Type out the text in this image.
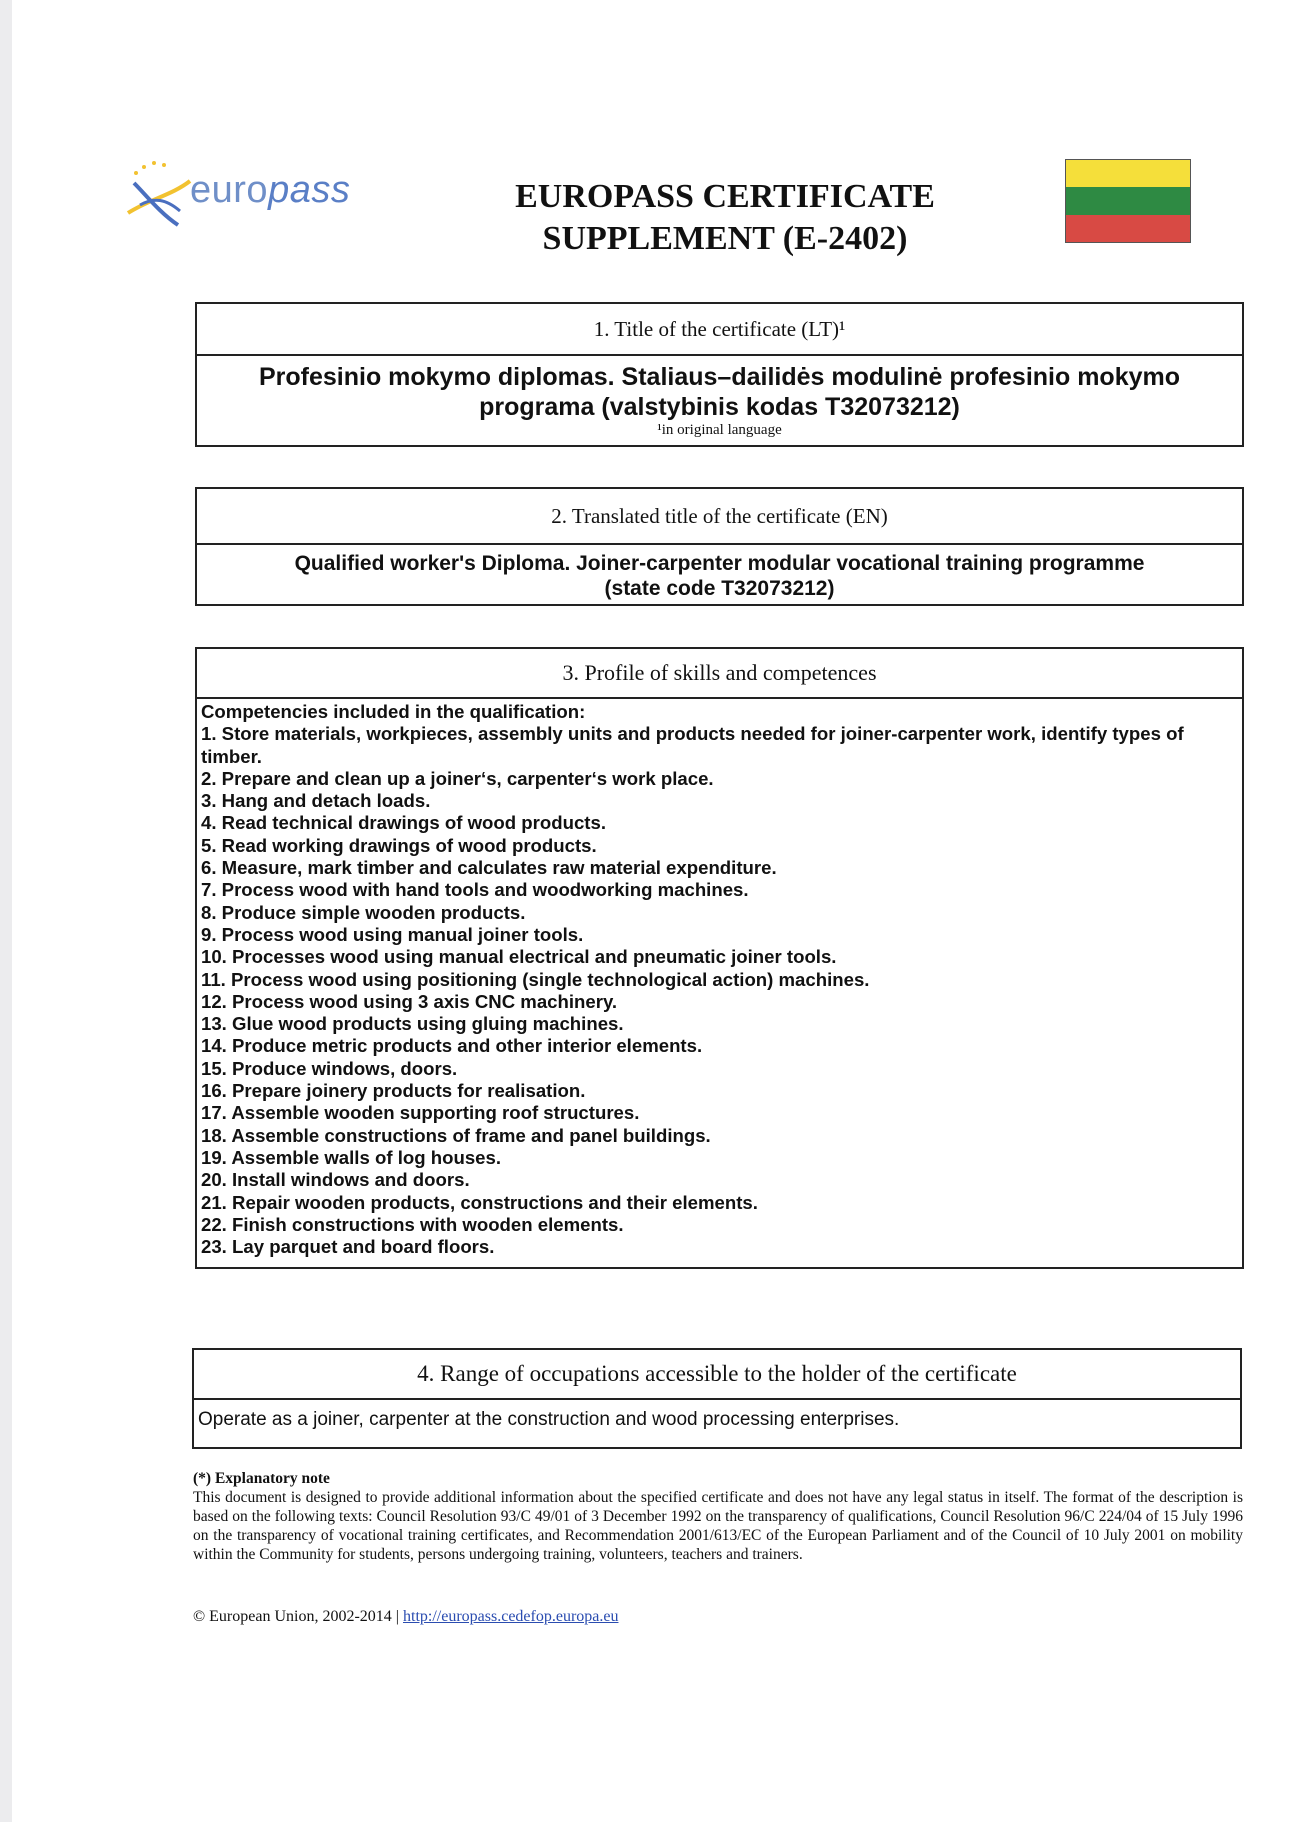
europass	EUROPASS CERTIFICATE
SUPPLEMENT (E-2402)
1. Title of the certificate (LT)¹
Profesinio mokymo diplomas. Staliaus–dailidės modulinė profesinio mokymo
programa (valstybinis kodas T32073212)
¹in original language
2. Translated title of the certificate (EN)
Qualified worker's Diploma. Joiner-carpenter modular vocational training programme
(state code T32073212)
3. Profile of skills and competences
Competencies included in the qualification:
1. Store materials, workpieces, assembly units and products needed for joiner-carpenter work, identify types of timber.
2. Prepare and clean up a joiner‘s, carpenter‘s work place.
3. Hang and detach loads.
4. Read technical drawings of wood products.
5. Read working drawings of wood products.
6. Measure, mark timber and calculates raw material expenditure.
7. Process wood with hand tools and woodworking machines.
8. Produce simple wooden products.
9. Process wood using manual joiner tools.
10. Processes wood using manual electrical and pneumatic joiner tools.
11. Process wood using positioning (single technological action) machines.
12. Process wood using 3 axis CNC machinery.
13. Glue wood products using gluing machines.
14. Produce metric products and other interior elements.
15. Produce windows, doors.
16. Prepare joinery products for realisation.
17. Assemble wooden supporting roof structures.
18. Assemble constructions of frame and panel buildings.
19. Assemble walls of log houses.
20. Install windows and doors.
21. Repair wooden products, constructions and their elements.
22. Finish constructions with wooden elements.
23. Lay parquet and board floors.
4. Range of occupations accessible to the holder of the certificate
Operate as a joiner, carpenter at the construction and wood processing enterprises.
(*) Explanatory note
This document is designed to provide additional information about the specified certificate and does not have any legal status in itself. The format of the description is based on the following texts: Council Resolution 93/C 49/01 of 3 December 1992 on the transparency of qualifications, Council Resolution 96/C 224/04 of 15 July 1996 on the transparency of vocational training certificates, and Recommendation 2001/613/EC of the European Parliament and of the Council of 10 July 2001 on mobility within the Community for students, persons undergoing training, volunteers, teachers and trainers.
© European Union, 2002-2014 | http://europass.cedefop.europa.eu
